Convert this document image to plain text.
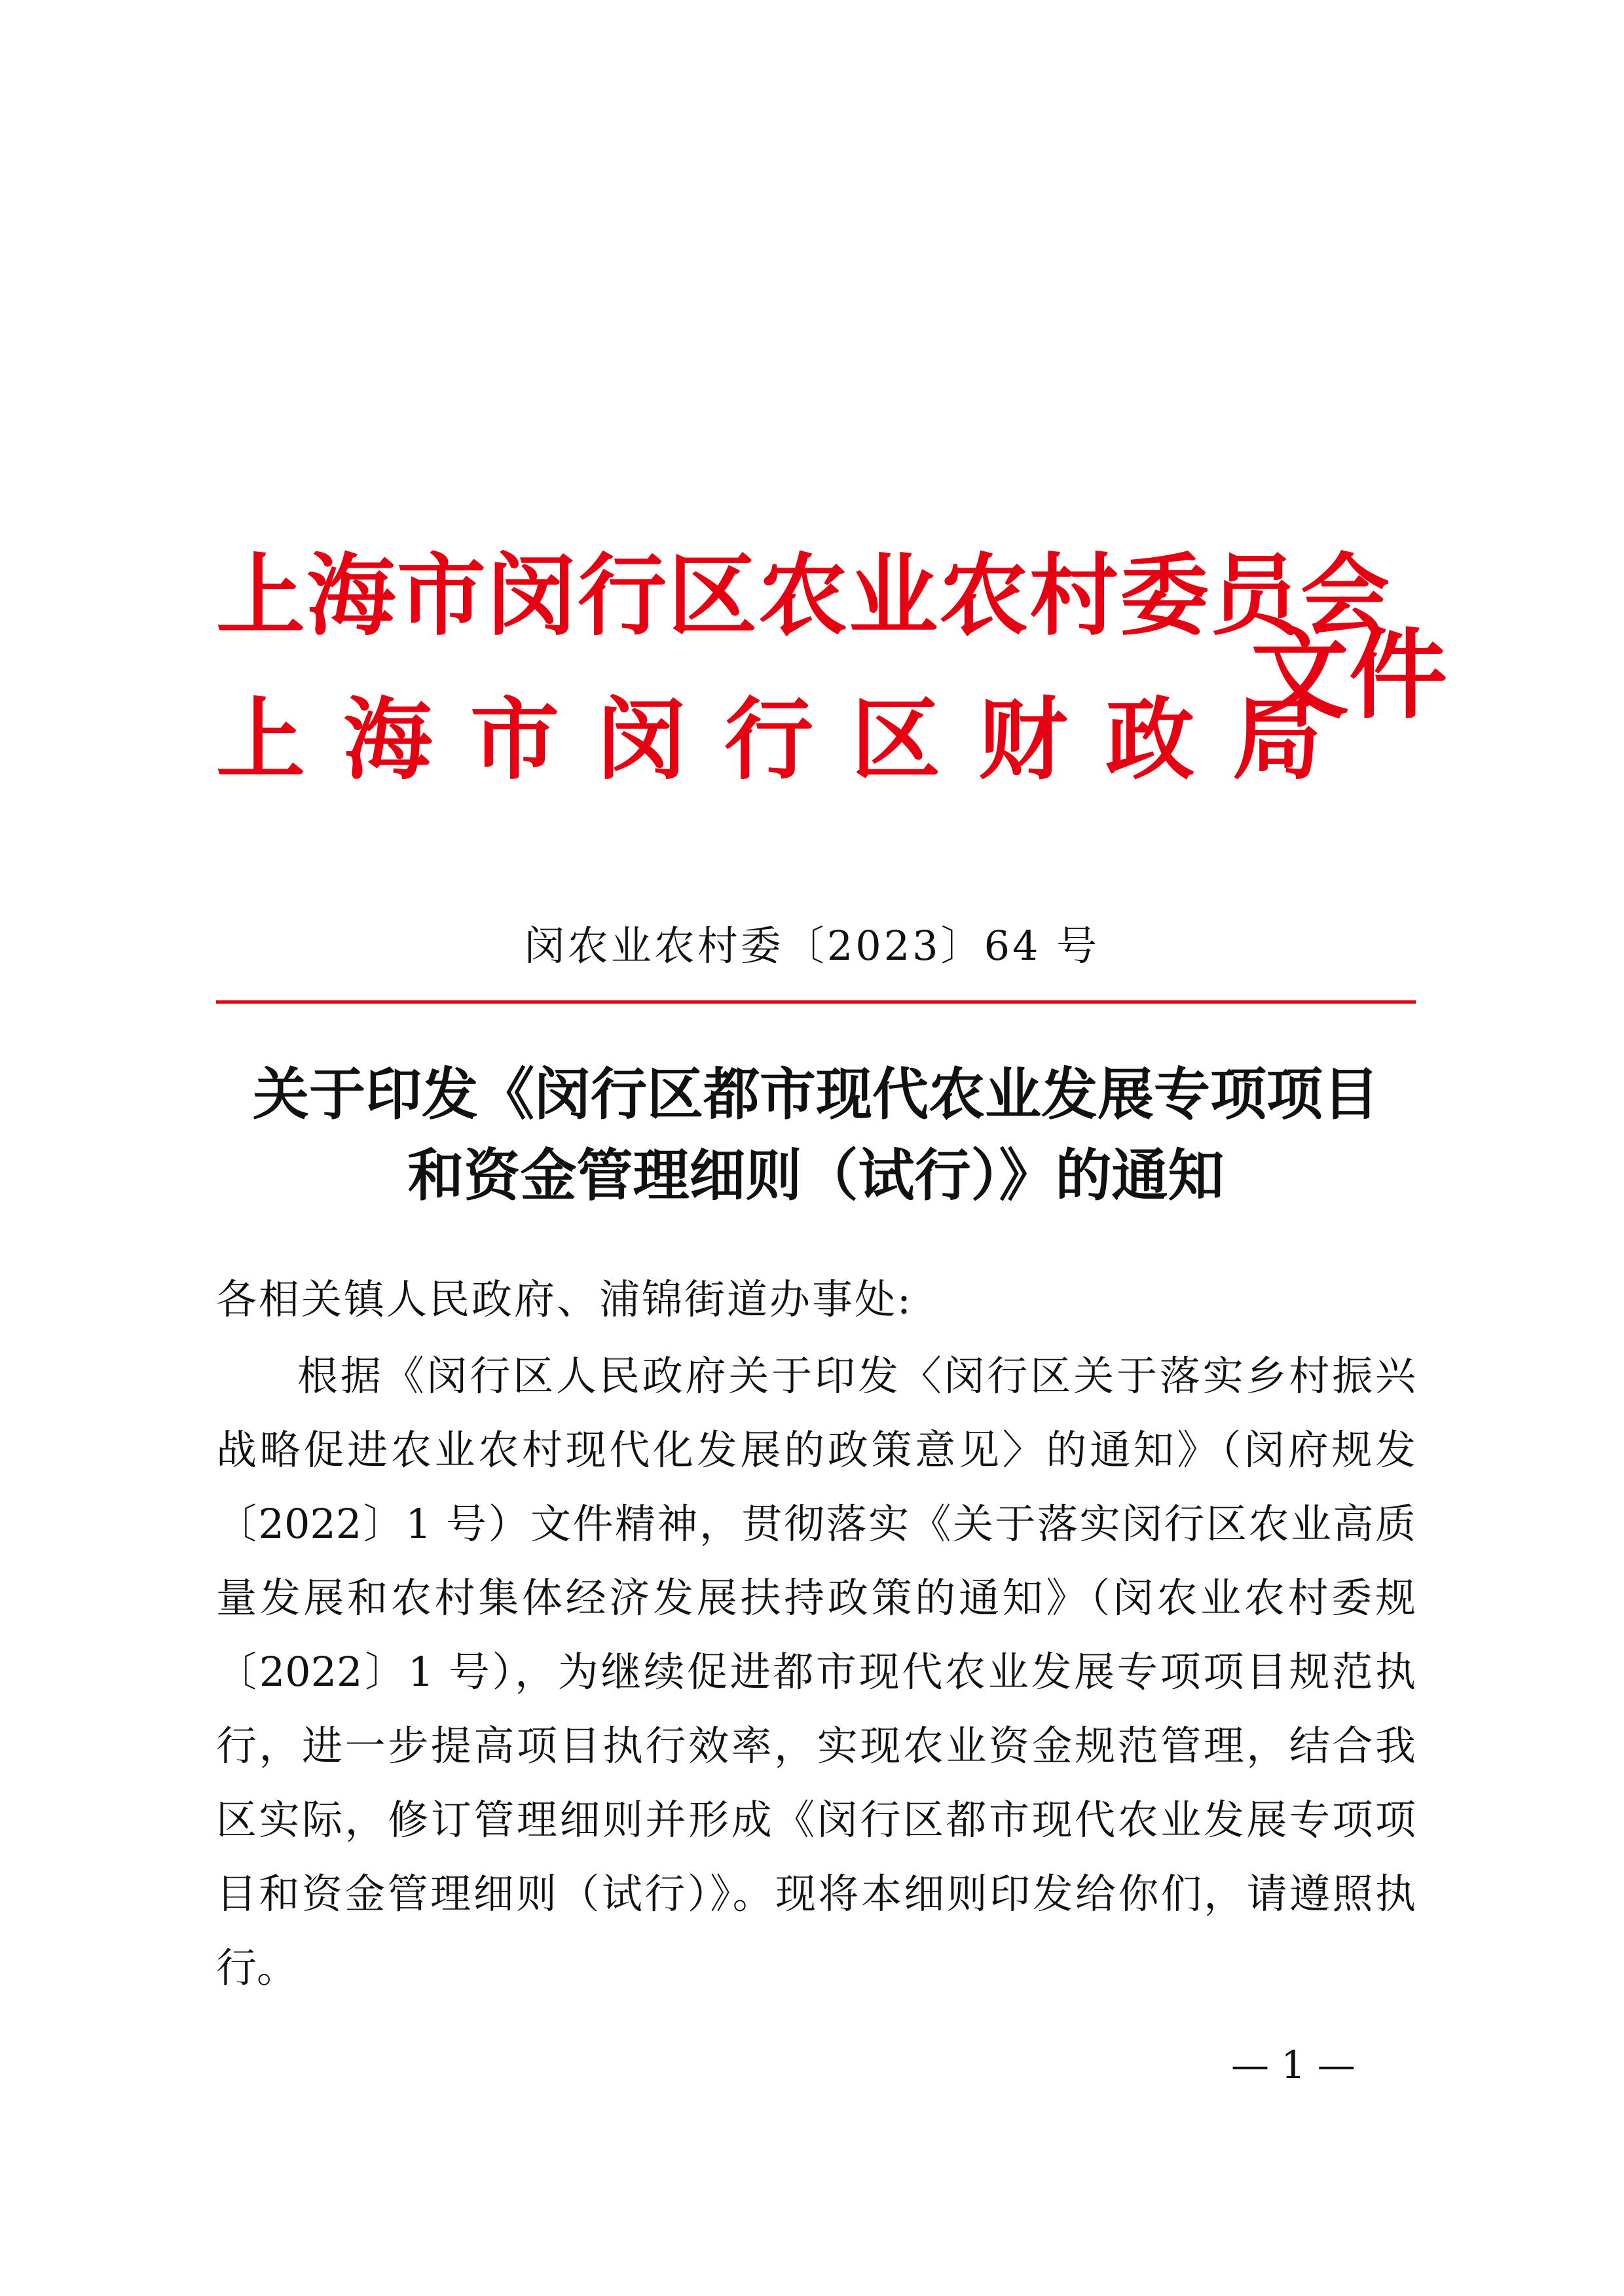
上海市闵行区农业农村委员会
上海市闵行区财政局
文件
闵农业农村委〔2023〕64 号
关于印发《闵行区都市现代农业发展专项项目
和资金管理细则（试行）》的通知
各相关镇人民政府、浦锦街道办事处:
根据《闵行区人民政府关于印发〈闵行区关于落实乡村振兴
战略促进农业农村现代化发展的政策意见〉的通知》（闵府规发
〔2022〕1 号）文件精神，贯彻落实《关于落实闵行区农业高质
量发展和农村集体经济发展扶持政策的通知》（闵农业农村委规
〔2022〕1 号），为继续促进都市现代农业发展专项项目规范执
行，进一步提高项目执行效率，实现农业资金规范管理，结合我
区实际，修订管理细则并形成《闵行区都市现代农业发展专项项
目和资金管理细则（试行）》。现将本细则印发给你们，请遵照执
行。
— 1 —
